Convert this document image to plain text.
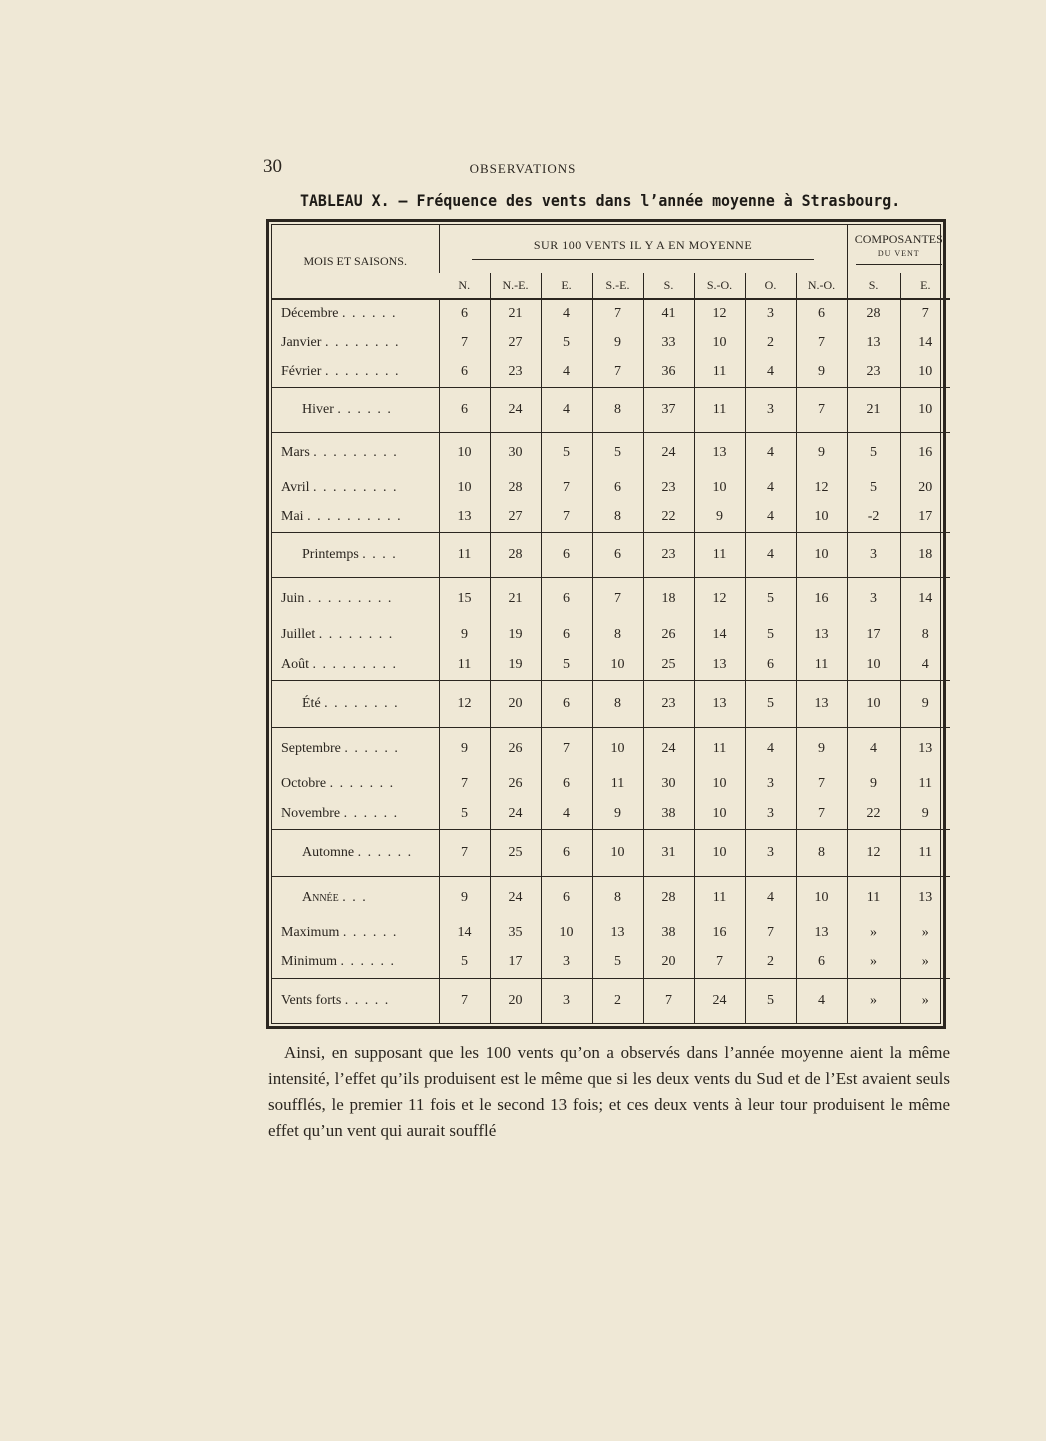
30	OBSERVATIONS
TABLEAU X. — Fréquence des vents dans l’année moyenne à Strasbourg.
MOIS ET SAISONS.	SUR 100 VENTS IL Y A EN MOYENNE								COMPOSANTES
DU VENT	

	N.	N.-E.	E.	S.-E.	S.	S.-O.	O.	N.-O.	S.	E.
Décembre . . . . . .	6	21	4	7	41	12	3	6	28	7
Janvier . . . . . . . .	7	27	5	9	33	10	2	7	13	14
Février . . . . . . . .	6	23	4	7	36	11	4	9	23	10
Hiver . . . . . .	6	24	4	8	37	11	3	7	21	10
Mars . . . . . . . . .	10	30	5	5	24	13	4	9	5	16
Avril . . . . . . . . .	10	28	7	6	23	10	4	12	5	20
Mai . . . . . . . . . .	13	27	7	8	22	9	4	10	-2	17
Printemps . . . .	11	28	6	6	23	11	4	10	3	18
Juin . . . . . . . . .	15	21	6	7	18	12	5	16	3	14
Juillet . . . . . . . .	9	19	6	8	26	14	5	13	17	8
Août . . . . . . . . .	11	19	5	10	25	13	6	11	10	4
Été . . . . . . . .	12	20	6	8	23	13	5	13	10	9
Septembre . . . . . .	9	26	7	10	24	11	4	9	4	13
Octobre . . . . . . .	7	26	6	11	30	10	3	7	9	11
Novembre . . . . . .	5	24	4	9	38	10	3	7	22	9
Automne . . . . . .	7	25	6	10	31	10	3	8	12	11
Année . . .	9	24	6	8	28	11	4	10	11	13
Maximum . . . . . .	14	35	10	13	38	16	7	13	»	»
Minimum . . . . . .	5	17	3	5	20	7	2	6	»	»
Vents forts . . . . .	7	20	3	2	7	24	5	4	»	»

Ainsi, en supposant que les 100 vents qu’on a observés dans l’année moyenne aient la même intensité, l’effet qu’ils produisent est le même que si les deux vents du Sud et de l’Est avaient seuls soufflés, le premier 11 fois et le second 13 fois; et ces deux vents à leur tour produisent le même effet qu’un vent qui aurait soufflé
